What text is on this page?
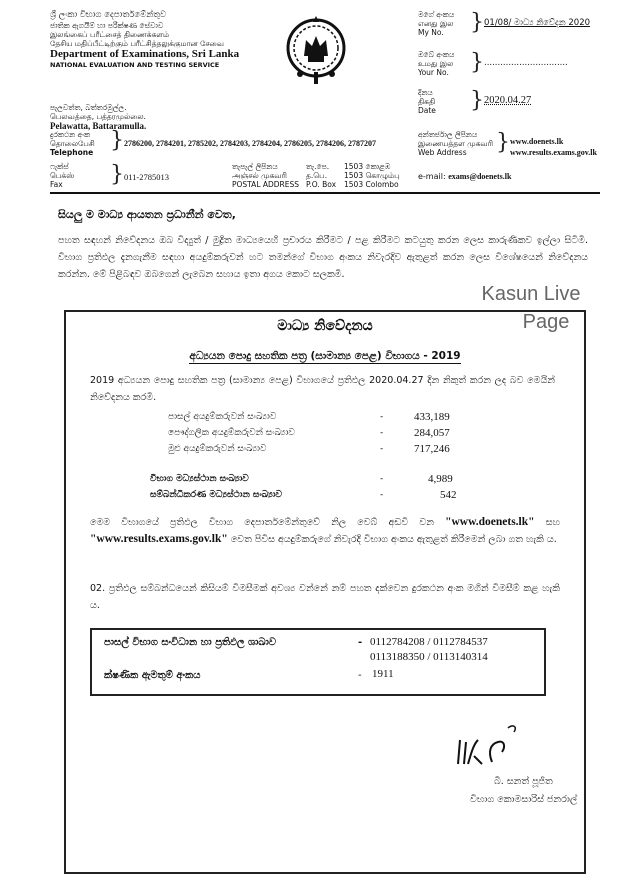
ශ්‍රී ලංකා විභාග දෙපාර්තමේන්තුව
ජාතික ඇගයීම් හා පරීක්ෂණ සේවාව
இலங்கைப் பரீட்சைத் திணைக்களம்
தேசிய மதிப்பீட்டிற்கும் பரீட்சித்தலுக்குமான சேவை
Department of Examinations, Sri Lanka
NATIONAL EVALUATION AND TESTING SERVICE
පැලවත්ත, බත්තරමුල්ල.
பெலவத்தை, பத்தரமுல்லை.
Pelawatta, Battaramulla.
මගේ අංකය
எனது இல
My No.	} 01/08/ මාධ්‍ය නිවේදන 2020
ඔබේ අංකය
உமது இல
Your No. } ...............................
දිනය
திகதி
Date	} 2020.04.27
දුරකථන අංක
தொலைபேசி
Telephone } 2786200, 2784201, 2785202, 2784203, 2784204, 2786205, 2784206, 2787207
ෆැක්ස්
பெக்ஸ்
Fax	} 011-2785013
තැපැල් ලිපිනය
அஞ்சல் முகவரி
POSTAL ADDRESS
තැ.පෙ.
த.பெ.
P.O. Box
1503 කොළඹ
1503 கொழும்பு
1503 Colombo
අන්තර්ජාල ලිපිනය
இணையத்தள முகவரி
Web Address	} www.doenets.lk
www.results.exams.gov.lk
e-mail: exams@doenets.lk
සියලු ම මාධ්‍ය ආයතන ප්‍රධානීන් වෙත,
පහත සඳහන් නිවේදනය ඔබ විද්‍යුත් / මුද්‍රිත මාධ්‍යයෙහි ප්‍රචාරය කිරීමට / පළ කිරීමට කටයුතු කරන ලෙස කාරුණිකව ඉල්ලා සිටිමි. විභාග ප්‍රතිඵල දැනගැනීම සඳහා අයදුම්කරුවන් හට තමන්ගේ විභාග අංකය නිවැරදිව ඇතුළත් කරන ලෙස විශේෂයෙන් නිවේදනය කරන්න. මේ පිළිබඳව ඔබගෙන් ලැබෙන සහාය ඉතා අගය කොට සලකමි.
Kasun Live
Page
මාධ්‍ය නිවේදනය
අධ්‍යයන පොදු සහතික පත්‍ර (සාමාන්‍ය පෙළ) විභාගය - 2019
2019 අධ්‍යයන පොදු සහතික පත්‍ර (සාමාන්‍ය පෙළ) විභාගයේ ප්‍රතිඵල 2020.04.27 දින නිකුත් කරන ලද බව මෙයින් නිවේදනය කරමි.
පාසල් අයදුම්කරුවන් සංඛ්‍යාව	-	433,189
පෞද්ගලික අයදුම්කරුවන් සංඛ්‍යාව	-	284,057
මුළු අයදුම්කරුවන් සංඛ්‍යාව	-	717,246
විභාග මධ්‍යස්ථාන සංඛ්‍යාව	-	4,989
සම්බන්ධීකරණ මධ්‍යස්ථාන සංඛ්‍යාව	-	542
මෙම විභාගයේ ප්‍රතිඵල විභාග දෙපාර්තමේන්තුවේ නිල වෙබ් අඩවි වන "www.doenets.lk" සහ "www.results.exams.gov.lk" වෙත පිවිස අයදුම්කරුගේ නිවැරදි විභාග අංකය ඇතුළත් කිරීමෙන් ලබා ගත හැකි ය.
02. ප්‍රතිඵල සම්බන්ධයෙන් කිසියම් විමසීමක් අවශ්‍ය වන්නේ නම් පහත දක්වෙන දුරකථන අංක මගින් විමසීම් කළ හැකි ය.
පාසල් විභාග සංවිධාන හා ප්‍රතිඵල ශාඛාව	- 0112784208 / 0112784537
0113188350 / 0113140314
ක්ෂණික ඇමතුම් අංකය	- 1911
බී. සනත් පූජිත
විභාග කොමසාරිස් ජනරාල්
